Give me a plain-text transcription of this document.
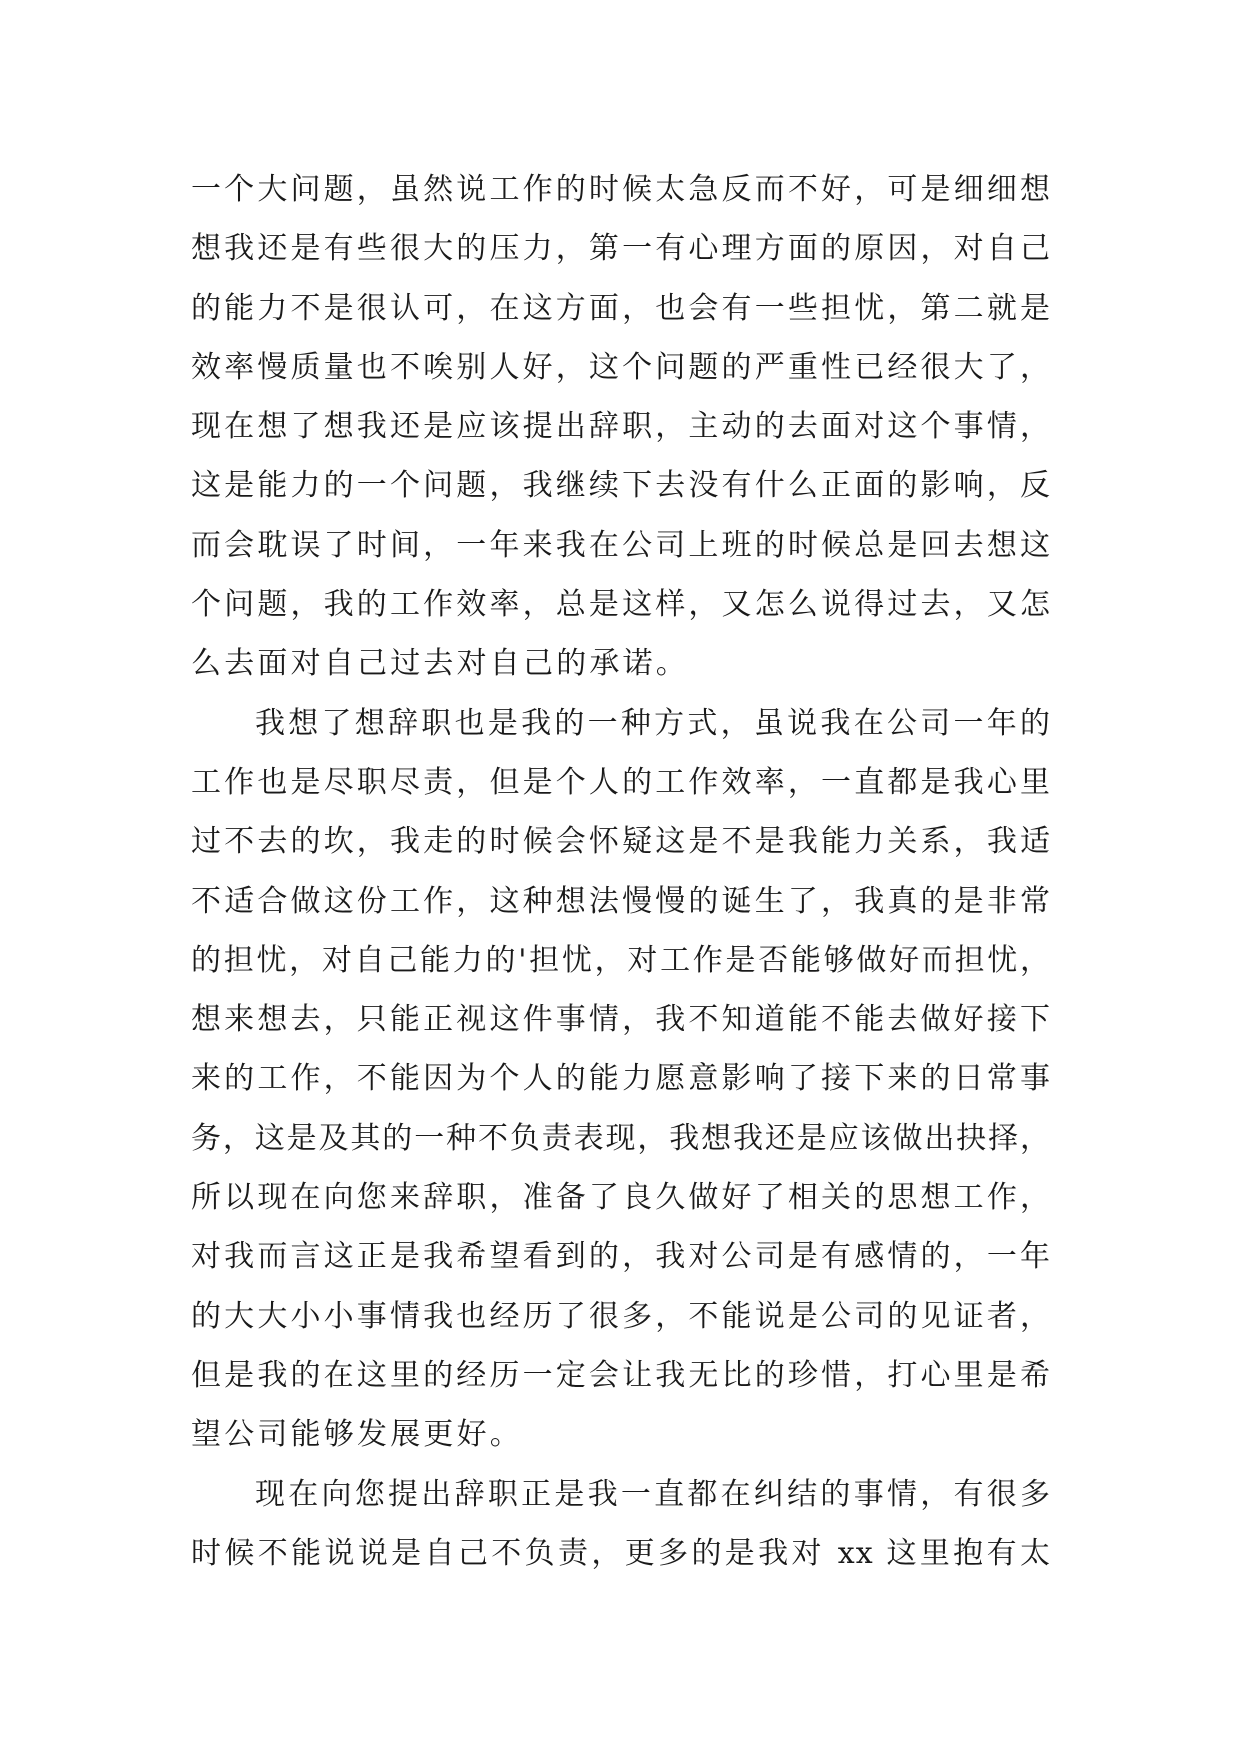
一个大问题，虽然说工作的时候太急反而不好，可是细细想
想我还是有些很大的压力，第一有心理方面的原因，对自己
的能力不是很认可，在这方面，也会有一些担忧，第二就是
效率慢质量也不唉别人好，这个问题的严重性已经很大了，
现在想了想我还是应该提出辞职，主动的去面对这个事情，
这是能力的一个问题，我继续下去没有什么正面的影响，反
而会耽误了时间，一年来我在公司上班的时候总是回去想这
个问题，我的工作效率，总是这样，又怎么说得过去，又怎
么去面对自己过去对自己的承诺。
我想了想辞职也是我的一种方式，虽说我在公司一年的
工作也是尽职尽责，但是个人的工作效率，一直都是我心里
过不去的坎，我走的时候会怀疑这是不是我能力关系，我适
不适合做这份工作，这种想法慢慢的诞生了，我真的是非常
的担忧，对自己能力的'担忧，对工作是否能够做好而担忧，
想来想去，只能正视这件事情，我不知道能不能去做好接下
来的工作，不能因为个人的能力愿意影响了接下来的日常事
务，这是及其的一种不负责表现，我想我还是应该做出抉择，
所以现在向您来辞职，准备了良久做好了相关的思想工作，
对我而言这正是我希望看到的，我对公司是有感情的，一年
的大大小小事情我也经历了很多，不能说是公司的见证者，
但是我的在这里的经历一定会让我无比的珍惜，打心里是希
望公司能够发展更好。
现在向您提出辞职正是我一直都在纠结的事情，有很多
时候不能说说是自己不负责，更多的是我对 xx 这里抱有太
